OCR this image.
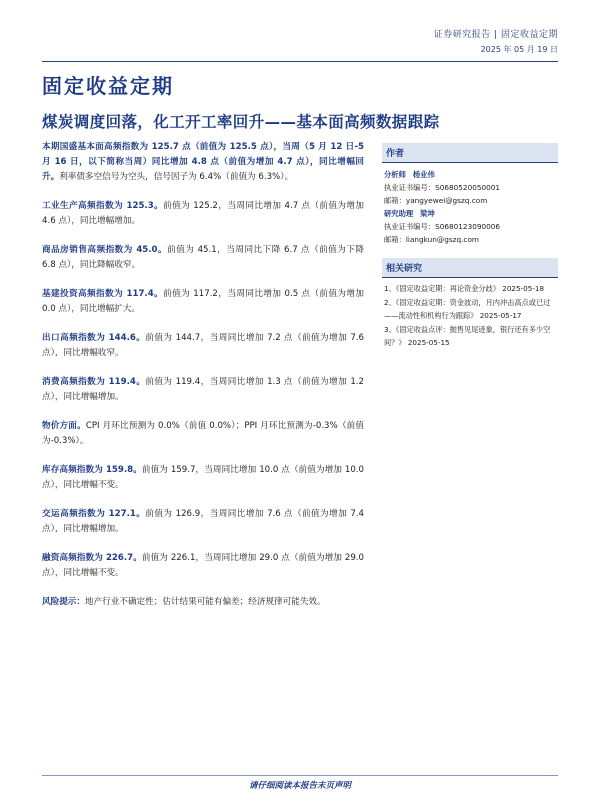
证券研究报告 | 固定收益定期
2025 年 05 月 19 日
固定收益定期
煤炭调度回落，化工开工率回升——基本面高频数据跟踪

本期国盛基本面高频指数为 125.7 点（前值为 125.5 点），当周（5 月 12 日-5 月 16 日，以下简称当周）同比增加 4.8 点（前值为增加 4.7 点），同比增幅回升。利率债多空信号为空头，信号因子为 6.4%（前值为 6.3%）。

工业生产高频指数为 125.3。前值为 125.2，当周同比增加 4.7 点（前值为增加 4.6 点），同比增幅增加。

商品房销售高频指数为 45.0。前值为 45.1，当周同比下降 6.7 点（前值为下降 6.8 点），同比降幅收窄。

基建投资高频指数为 117.4。前值为 117.2，当周同比增加 0.5 点（前值为增加 0.0 点），同比增幅扩大。

出口高频指数为 144.6。前值为 144.7，当周同比增加 7.2 点（前值为增加 7.6 点），同比增幅收窄。

消费高频指数为 119.4。前值为 119.4，当周同比增加 1.3 点（前值为增加 1.2 点），同比增幅增加。

物价方面。CPI 月环比预测为 0.0%（前值 0.0%）；PPI 月环比预测为-0.3%（前值为-0.3%）。

库存高频指数为 159.8。前值为 159.7，当周同比增加 10.0 点（前值为增加 10.0 点），同比增幅不变。

交运高频指数为 127.1。前值为 126.9，当周同比增加 7.6 点（前值为增加 7.4 点），同比增幅增加。

融资高频指数为 226.7。前值为 226.1，当周同比增加 29.0 点（前值为增加 29.0 点），同比增幅不变。

风险提示：地产行业不确定性；估计结果可能有偏差；经济规律可能失效。

作者
分析师 杨业伟
执业证书编号：S0680520050001
邮箱：yangyewei@gszq.com
研究助理 梁坤
执业证书编号：S0680123090006
邮箱：liangkun@gszq.com
相关研究
1、《固定收益定期：再论资金分歧》 2025-05-18
2、《固定收益定期：资金波动，月内冲击高点或已过——流动性和机构行为跟踪》 2025-05-17
3、《固定收益点评：抛售见尾迹象，银行还有多少空间？》 2025-05-15
请仔细阅读本报告末页声明
